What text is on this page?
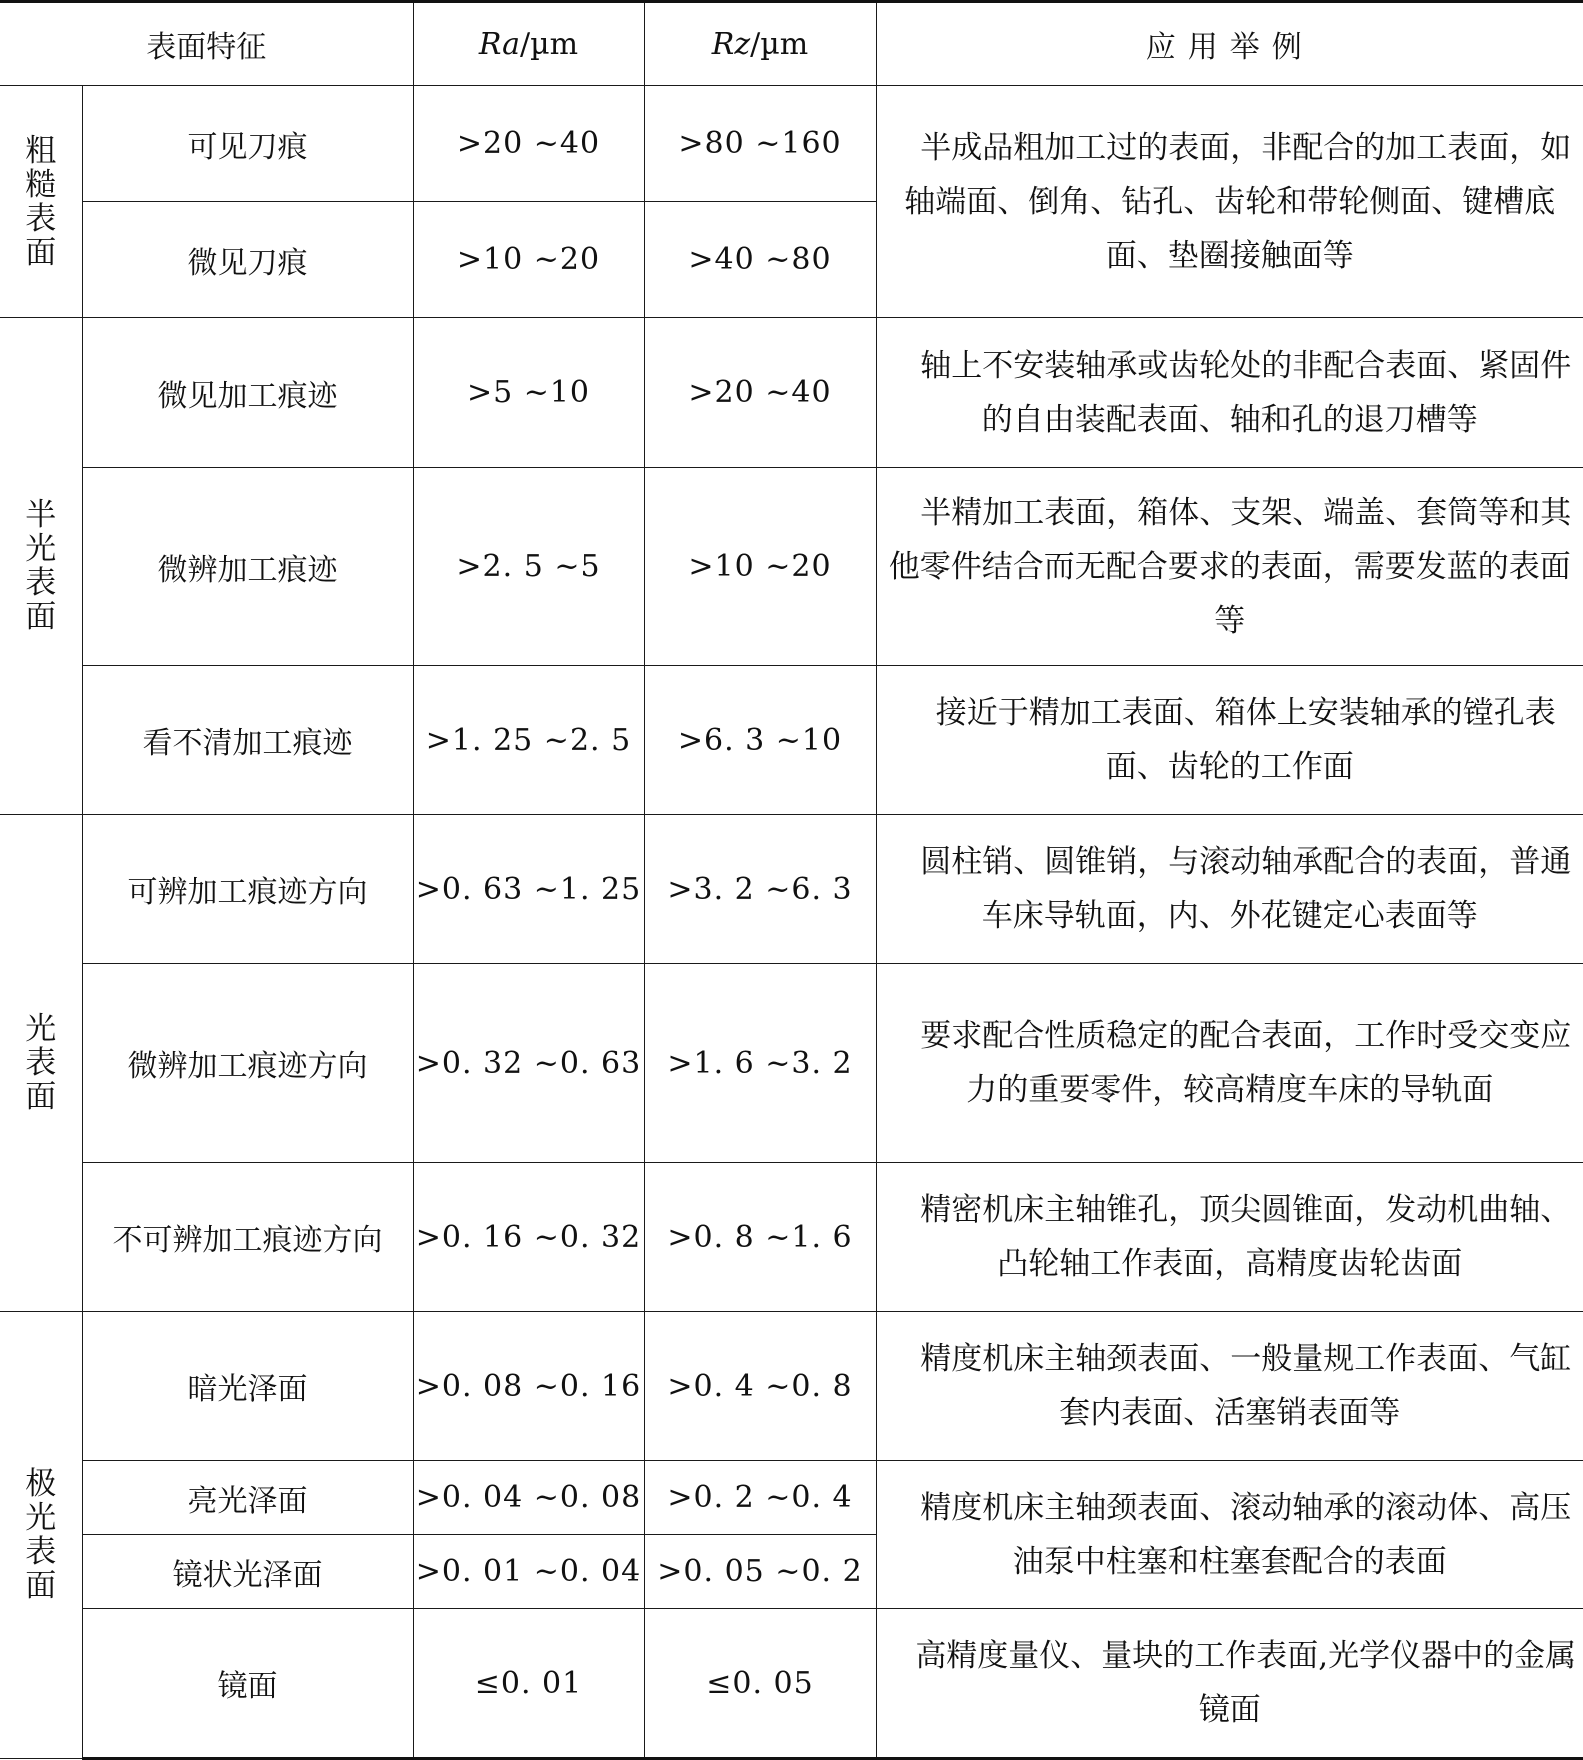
表面特征		Ra/µm	Rz/µm	应用举例
粗糙表面	可见刀痕	>20 ~40	>80 ~160	半成品粗加工过的表面，非配合的加工表面，如轴端面、倒角、钻孔、齿轮和带轮侧面、键槽底面、垫圈接触面等
	微见刀痕	>10 ~20	>40 ~80	
半光表面	微见加工痕迹	>5 ~10	>20 ~40	轴上不安装轴承或齿轮处的非配合表面、紧固件的自由装配表面、轴和孔的退刀槽等
	微辨加工痕迹	>2. 5 ~5	>10 ~20	半精加工表面，箱体、支架、端盖、套筒等和其他零件结合而无配合要求的表面，需要发蓝的表面等
	看不清加工痕迹	>1. 25 ~2. 5	>6. 3 ~10	接近于精加工表面、箱体上安装轴承的镗孔表面、齿轮的工作面
光表面	可辨加工痕迹方向	>0. 63 ~1. 25	>3. 2 ~6. 3	圆柱销、圆锥销，与滚动轴承配合的表面，普通车床导轨面，内、外花键定心表面等
	微辨加工痕迹方向	>0. 32 ~0. 63	>1. 6 ~3. 2	要求配合性质稳定的配合表面，工作时受交变应力的重要零件，较高精度车床的导轨面
	不可辨加工痕迹方向	>0. 16 ~0. 32	>0. 8 ~1. 6	精密机床主轴锥孔，顶尖圆锥面，发动机曲轴、凸轮轴工作表面，高精度齿轮齿面
极光表面	暗光泽面	>0. 08 ~0. 16	>0. 4 ~0. 8	精度机床主轴颈表面、一般量规工作表面、气缸套内表面、活塞销表面等
	亮光泽面	>0. 04 ~0. 08	>0. 2 ~0. 4	精度机床主轴颈表面、滚动轴承的滚动体、高压油泵中柱塞和柱塞套配合的表面
	镜状光泽面	>0. 01 ~0. 04	>0. 05 ~0. 2	
	镜面	≤0. 01	≤0. 05	高精度量仪、量块的工作表面,光学仪器中的金属镜面
